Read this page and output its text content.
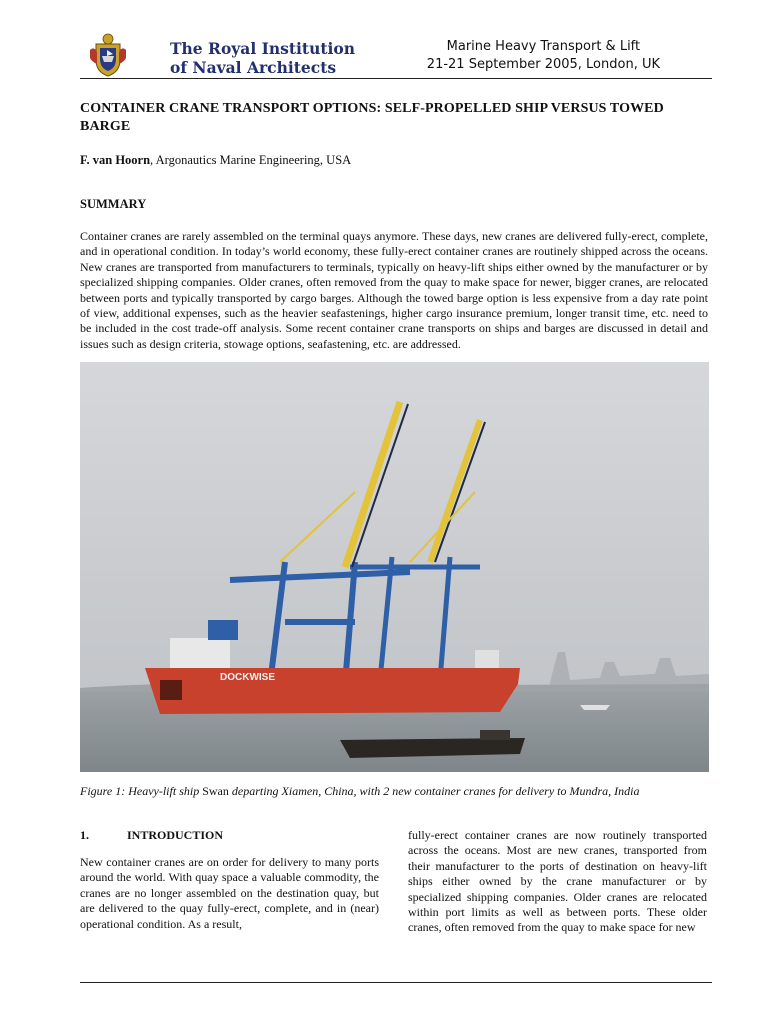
The Royal Institution
of Naval Architects
Marine Heavy Transport & Lift
21-21 September 2005, London, UK
CONTAINER CRANE TRANSPORT OPTIONS: SELF-PROPELLED SHIP VERSUS TOWED BARGE
F. van Hoorn, Argonautics Marine Engineering, USA
SUMMARY
Container cranes are rarely assembled on the terminal quays anymore. These days, new cranes are delivered fully-erect, complete, and in operational condition. In today’s world economy, these fully-erect container cranes are routinely shipped across the oceans. New cranes are transported from manufacturers to terminals, typically on heavy-lift ships either owned by the manufacturer or by specialized shipping companies. Older cranes, often removed from the quay to make space for newer, bigger cranes, are relocated between ports and typically transported by cargo barges. Although the towed barge option is less expensive from a day rate point of view, additional expenses, such as the heavier seafastenings, higher cargo insurance premium, longer transit time, etc. need to be included in the cost trade-off analysis. Some recent container crane transports on ships and barges are discussed in detail and issues such as design criteria, stowage options, seafastening, etc. are addressed.
DOCKWISE
Figure 1: Heavy-lift ship Swan departing Xiamen, China, with 2 new container cranes for delivery to Mundra, India
1.	INTRODUCTION

New container cranes are on order for delivery to many ports around the world. With quay space a valuable commodity, the cranes are no longer assembled on the destination quay, but are delivered to the quay fully-erect, complete, and in (near) operational condition. As a result,

fully-erect container cranes are now routinely transported across the oceans. Most are new cranes, transported from their manufacturer to the ports of destination on heavy-lift ships either owned by the crane manufacturer or by specialized shipping companies. Older cranes are relocated within port limits as well as between ports. These older cranes, often removed from the quay to make space for new
